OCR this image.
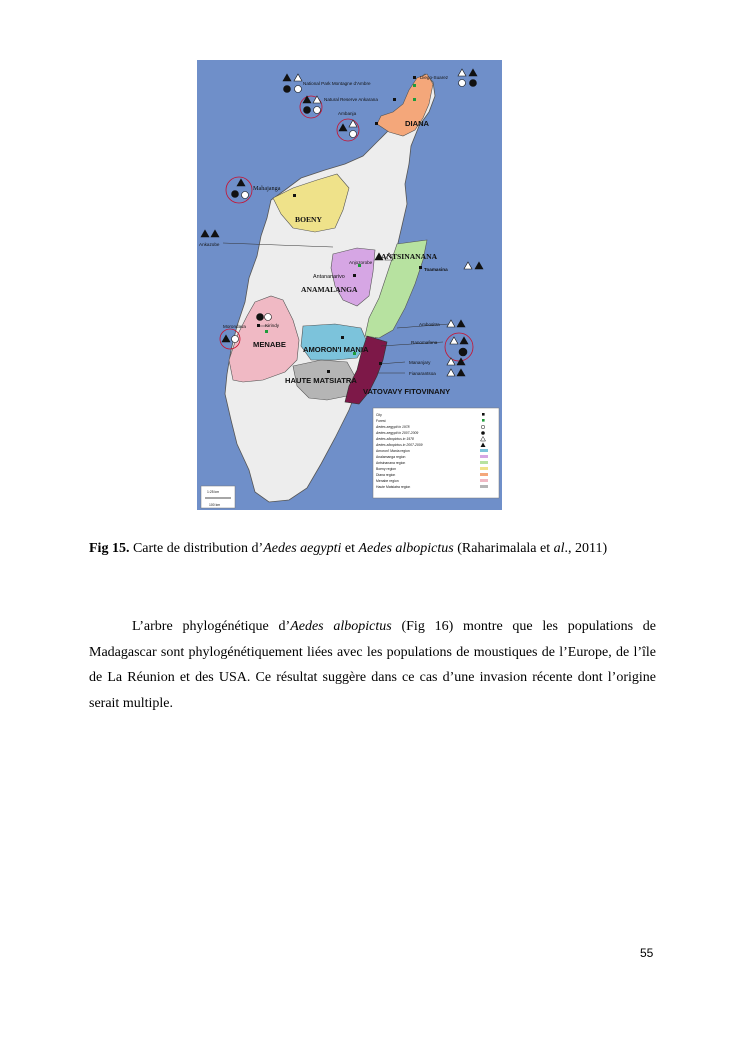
Diego-Suarez
National Park Montagne d'Ambre
Natural Reserve Ankarana
Ambanja
Mahajanga
Ankazobe
Anjozorobe
Antananarivo
Toamasina
Kirindy
Morondava	Ambositra
Ranomafana
Mananjary
Fianarantsoa
DIANA
BOENY
ANTSINANANA
ANAMALANGA
MENABE
AMORON'I MANIA
HAUTE MATSIATRA
VATOVAVY FITOVINANY
City
Forest
Aedes aegypti in 1978
Aedes aegypti in 2007-2009
Aedes albopictus in 1978
Aedes albopictus in 2007-2009
Amoron'i Mania region
Analamanga region
Antsinanana region
Boeny region
Diana region
Menabe region
Haute Matsiatra region
1:25 km
100 km
Fig 15. Carte de distribution d’Aedes aegypti et Aedes albopictus (Raharimalala et al., 2011)

L’arbre phylogénétique d’Aedes albopictus (Fig 16) montre que les populations de Madagascar sont phylogénétiquement liées avec les populations de moustiques de l’Europe, de l’île de La Réunion et des USA. Ce résultat suggère dans ce cas d’une invasion récente dont l’origine serait multiple.

55
